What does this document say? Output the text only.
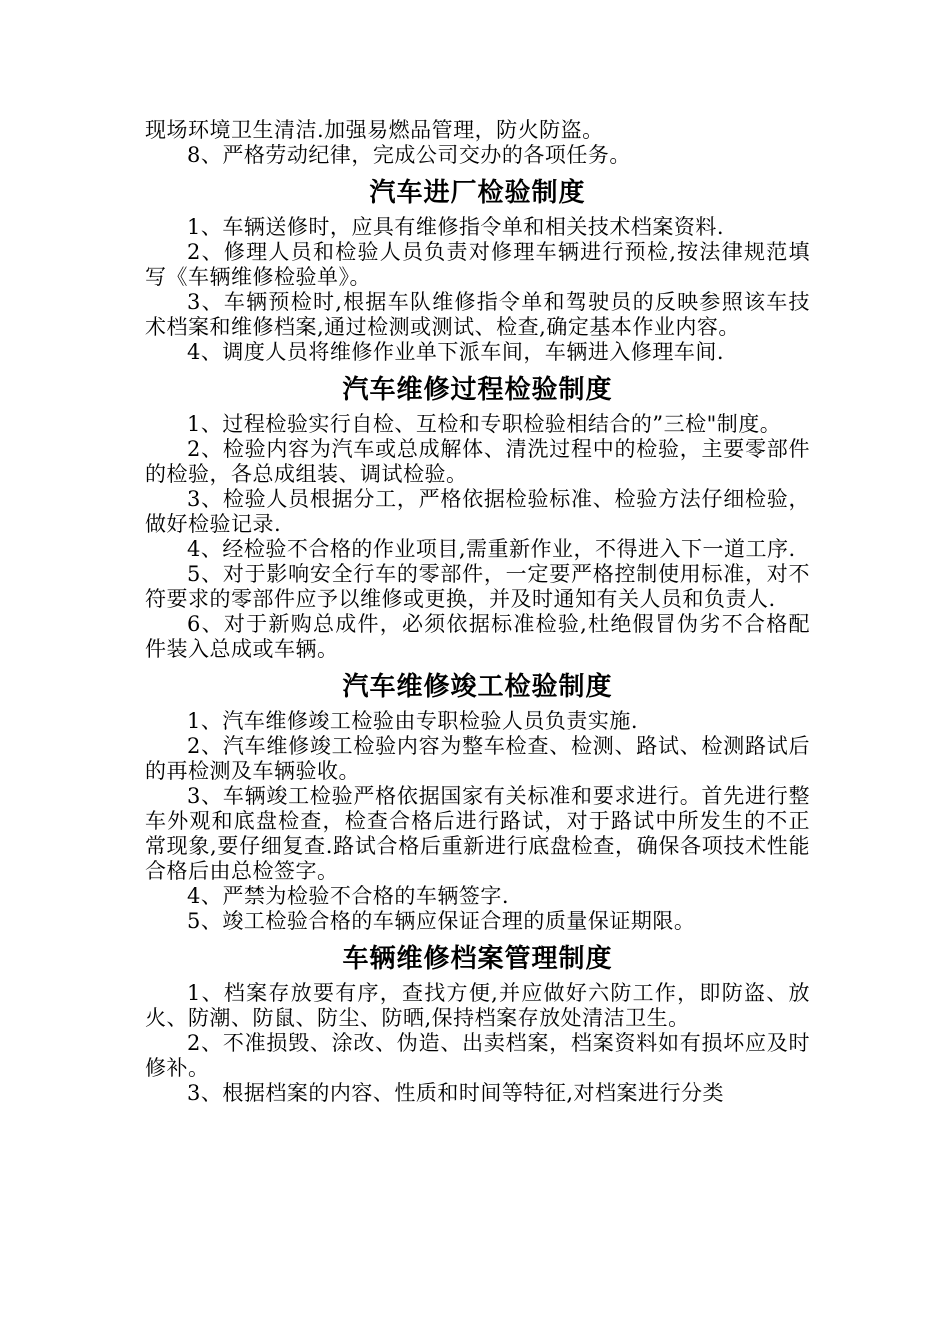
现场环境卫生清洁.加强易燃品管理，防火防盗。

8、严格劳动纪律，完成公司交办的各项任务。

汽车进厂检验制度

1、车辆送修时，应具有维修指令单和相关技术档案资料.

2、修理人员和检验人员负责对修理车辆进行预检,按法律规范填写《车辆维修检验单》。

3、车辆预检时,根据车队维修指令单和驾驶员的反映参照该车技术档案和维修档案,通过检测或测试、检查,确定基本作业内容。

4、调度人员将维修作业单下派车间，车辆进入修理车间.

汽车维修过程检验制度

1、过程检验实行自检、互检和专职检验相结合的”三检"制度。

2、检验内容为汽车或总成解体、清洗过程中的检验，主要零部件的检验，各总成组装、调试检验。

3、检验人员根据分工，严格依据检验标准、检验方法仔细检验，做好检验记录.

4、经检验不合格的作业项目,需重新作业，不得进入下一道工序.

5、对于影响安全行车的零部件，一定要严格控制使用标准，对不符要求的零部件应予以维修或更换，并及时通知有关人员和负责人.

6、对于新购总成件，必须依据标准检验,杜绝假冒伪劣不合格配件装入总成或车辆。

汽车维修竣工检验制度

1、汽车维修竣工检验由专职检验人员负责实施.

2、汽车维修竣工检验内容为整车检查、检测、路试、检测路试后的再检测及车辆验收。

3、车辆竣工检验严格依据国家有关标准和要求进行。首先进行整车外观和底盘检查，检查合格后进行路试，对于路试中所发生的不正常现象,要仔细复查.路试合格后重新进行底盘检查，确保各项技术性能合格后由总检签字。

4、严禁为检验不合格的车辆签字.

5、竣工检验合格的车辆应保证合理的质量保证期限。

车辆维修档案管理制度

1、档案存放要有序，查找方便,并应做好六防工作，即防盗、放火、防潮、防鼠、防尘、防晒,保持档案存放处清洁卫生。

2、不准损毁、涂改、伪造、出卖档案，档案资料如有损坏应及时修补。

3、根据档案的内容、性质和时间等特征,对档案进行分类
